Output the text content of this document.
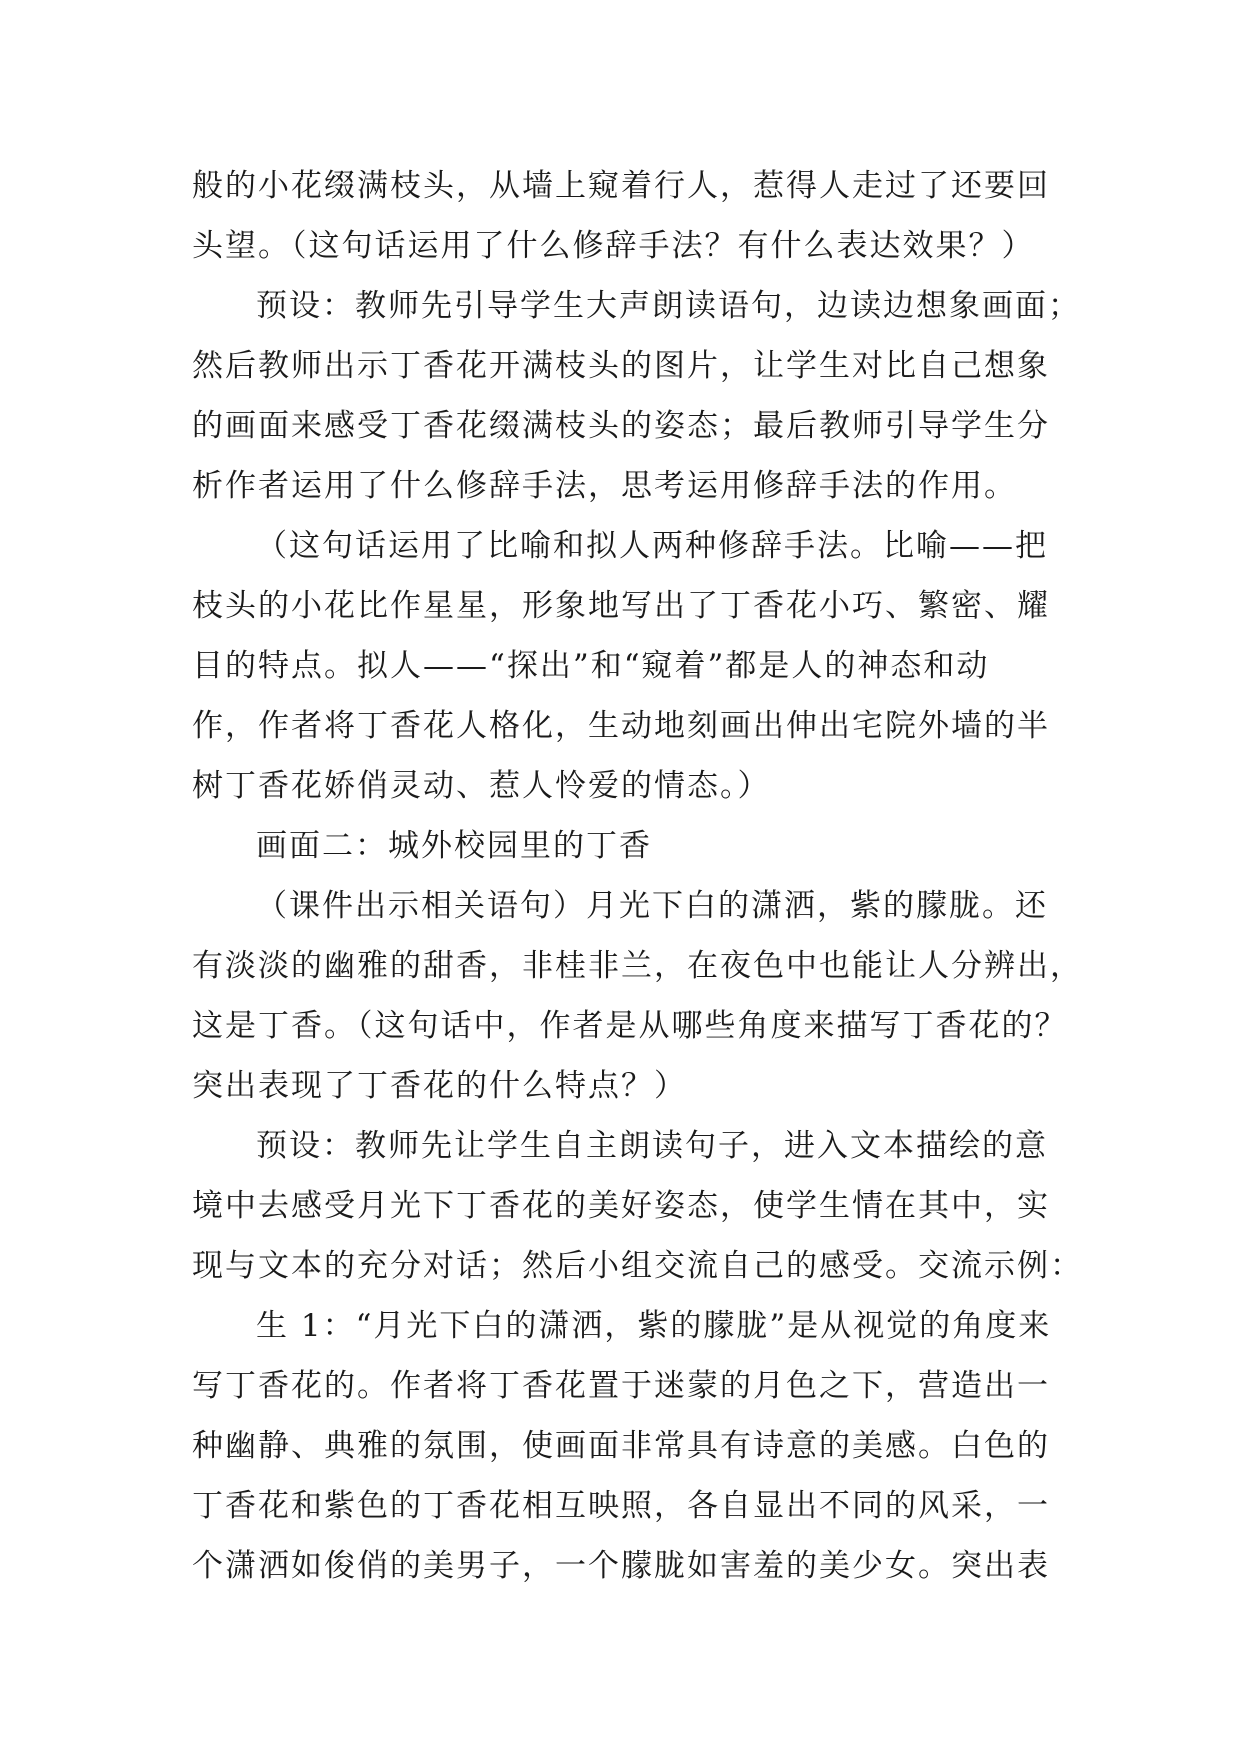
般的小花缀满枝头，从墙上窥着行人，惹得人走过了还要回
头望。（这句话运用了什么修辞手法？有什么表达效果？）
预设：教师先引导学生大声朗读语句，边读边想象画面；
然后教师出示丁香花开满枝头的图片，让学生对比自己想象
的画面来感受丁香花缀满枝头的姿态；最后教师引导学生分
析作者运用了什么修辞手法，思考运用修辞手法的作用。
（这句话运用了比喻和拟人两种修辞手法。比喻——把
枝头的小花比作星星，形象地写出了丁香花小巧、繁密、耀
目的特点。拟人——“探出”和“窥着”都是人的神态和动
作，作者将丁香花人格化，生动地刻画出伸出宅院外墙的半
树丁香花娇俏灵动、惹人怜爱的情态。）
画面二：城外校园里的丁香
（课件出示相关语句）月光下白的潇洒，紫的朦胧。还
有淡淡的幽雅的甜香，非桂非兰，在夜色中也能让人分辨出，
这是丁香。（这句话中，作者是从哪些角度来描写丁香花的？
突出表现了丁香花的什么特点？）
预设：教师先让学生自主朗读句子，进入文本描绘的意
境中去感受月光下丁香花的美好姿态，使学生情在其中，实
现与文本的充分对话；然后小组交流自己的感受。交流示例：
生 1：“月光下白的潇洒，紫的朦胧”是从视觉的角度来
写丁香花的。作者将丁香花置于迷蒙的月色之下，营造出一
种幽静、典雅的氛围，使画面非常具有诗意的美感。白色的
丁香花和紫色的丁香花相互映照，各自显出不同的风采，一
个潇洒如俊俏的美男子，一个朦胧如害羞的美少女。突出表
